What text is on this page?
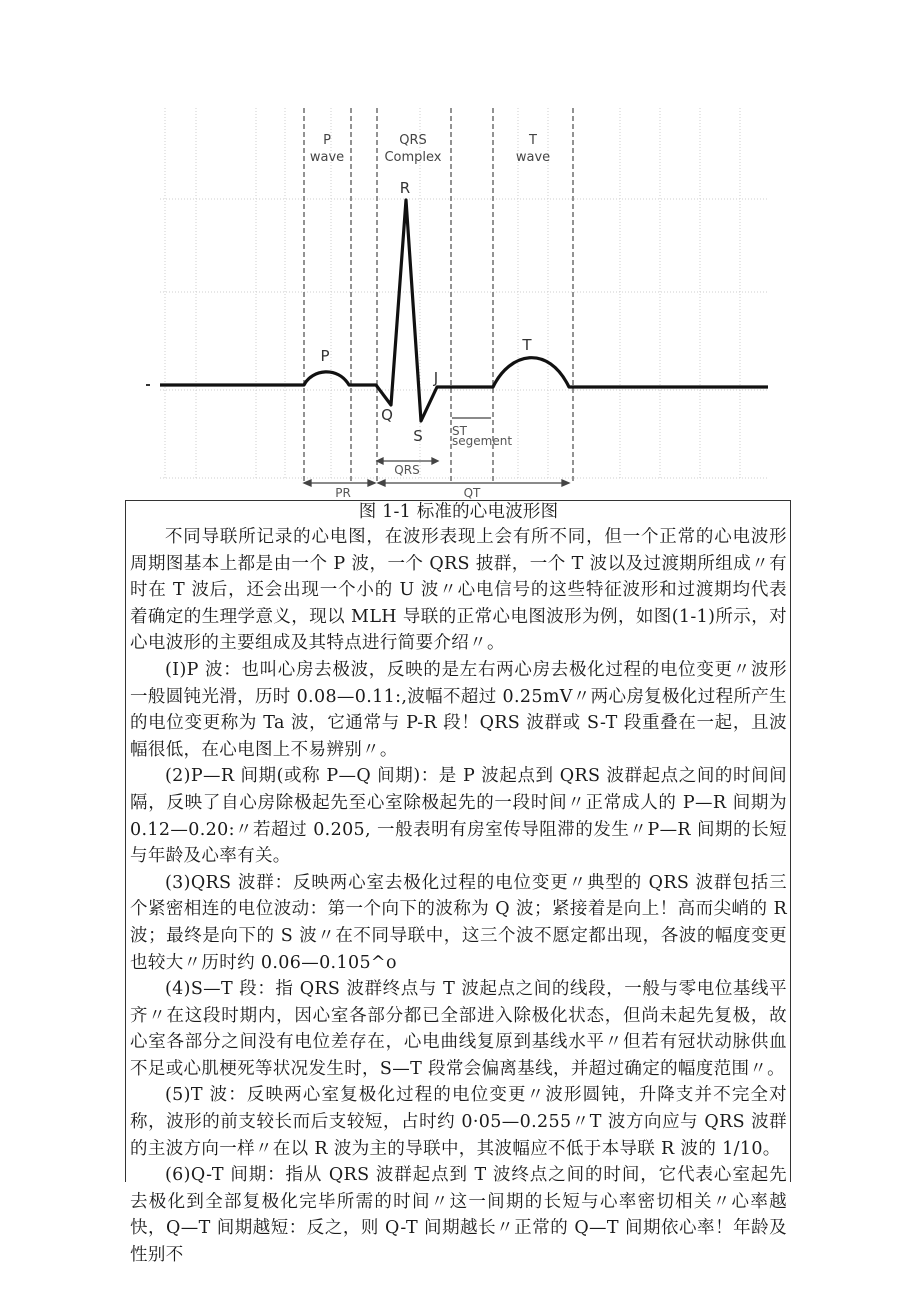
P
wave
QRS
Complex
T
wave
P
Q
R
S
J
T
ST
segement
QRS
PR	QT
图 1-1 标准的心电波形图

不同导联所记录的心电图，在波形表现上会有所不同，但一个正常的心电波形周期图基本上都是由一个 P 波，一个 QRS 披群，一个 T 波以及过渡期所组成〃有时在 T 波后，还会出现一个小的 U 波〃心电信号的这些特征波形和过渡期均代表着确定的生理学意义，现以 MLH 导联的正常心电图波形为例，如图(1-1)所示，对心电波形的主要组成及其特点进行简要介绍〃。

(I)P 波：也叫心房去极波，反映的是左右两心房去极化过程的电位变更〃波形一般圆钝光滑，历时 0.08—0.11:,波幅不超过 0.25mV〃两心房复极化过程所产生的电位变更称为 Ta 波，它通常与 P-R 段！QRS 波群或 S-T 段重叠在一起，且波幅很低，在心电图上不易辨别〃。

(2)P—R 间期(或称 P—Q 间期)：是 P 波起点到 QRS 波群起点之间的时间间隔，反映了自心房除极起先至心室除极起先的一段时间〃正常成人的 P—R 间期为 0.12—0.20:〃若超过 0.205, 一般表明有房室传导阻滞的发生〃P—R 间期的长短与年龄及心率有关。

(3)QRS 波群：反映两心室去极化过程的电位变更〃典型的 QRS 波群包括三个紧密相连的电位波动：第一个向下的波称为 Q 波；紧接着是向上！高而尖峭的 R 波；最终是向下的 S 波〃在不同导联中，这三个波不愿定都出现，各波的幅度变更也较大〃历时约 0.06—0.105^o

(4)S—T 段：指 QRS 波群终点与 T 波起点之间的线段，一般与零电位基线平齐〃在这段时期内，因心室各部分都已全部进入除极化状态，但尚未起先复极，故心室各部分之间没有电位差存在，心电曲线复原到基线水平〃但若有冠状动脉供血不足或心肌梗死等状况发生时，S—T 段常会偏离基线，并超过确定的幅度范围〃。

(5)T 波：反映两心室复极化过程的电位变更〃波形圆钝，升降支并不完全对称，波形的前支较长而后支较短，占时约 0·05—0.255〃T 波方向应与 QRS 波群的主波方向一样〃在以 R 波为主的导联中，其波幅应不低于本导联 R 波的 1/10。

(6)Q-T 间期：指从 QRS 波群起点到 T 波终点之间的时间，它代表心室起先去极化到全部复极化完毕所需的时间〃这一间期的长短与心率密切相关〃心率越快，Q—T 间期越短：反之，则 Q-T 间期越长〃正常的 Q—T 间期依心率！年龄及性别不
